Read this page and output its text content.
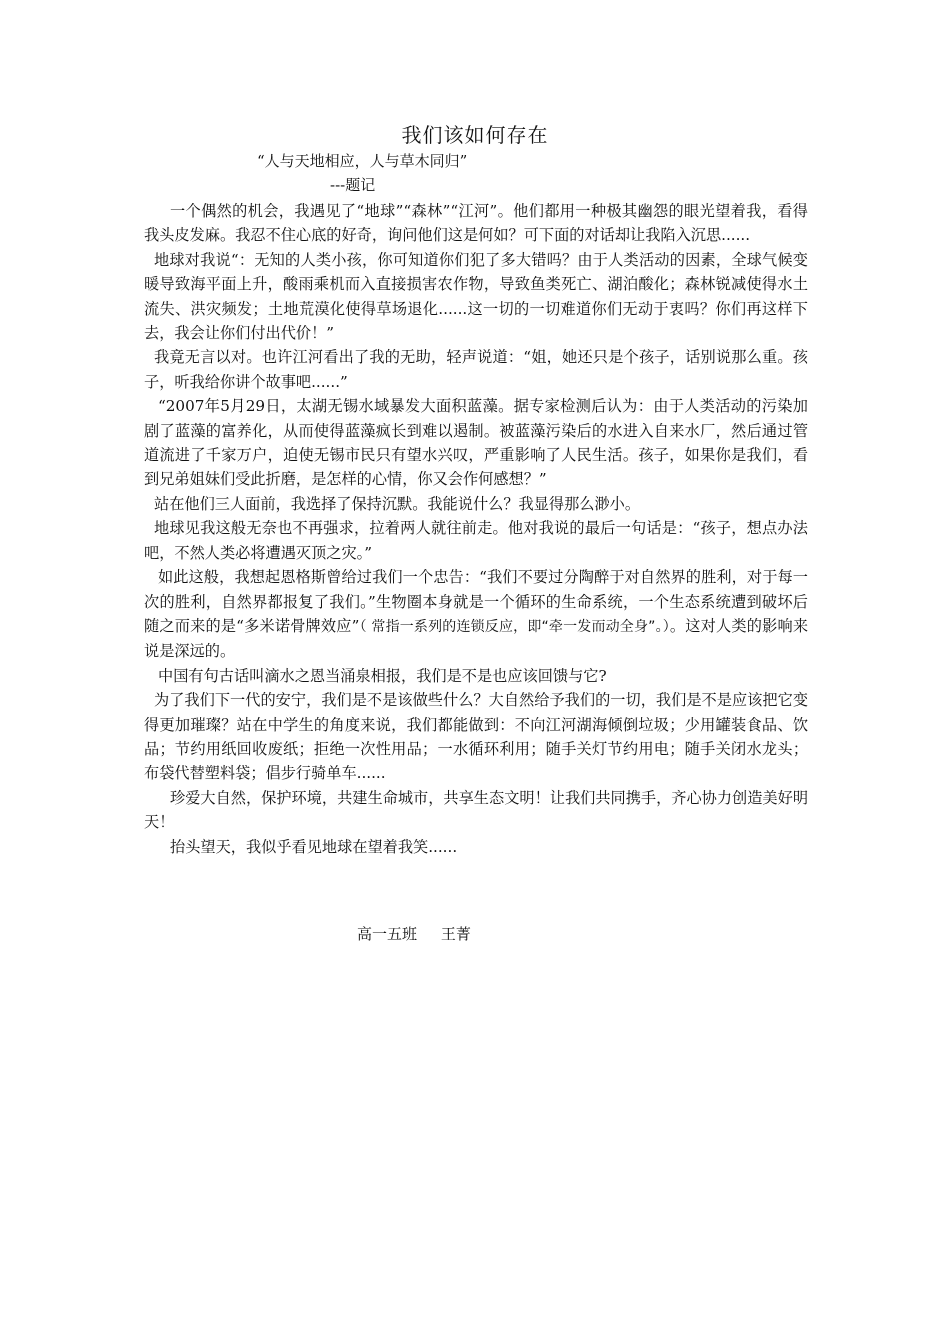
我们该如何存在
“人与天地相应，人与草木同归”
---题记

一个偶然的机会，我遇见了“地球”“森林”“江河”。他们都用一种极其幽怨的眼光望着我，看得我头皮发麻。我忍不住心底的好奇，询问他们这是何如？可下面的对话却让我陷入沉思......

地球对我说“：无知的人类小孩，你可知道你们犯了多大错吗？由于人类活动的因素，全球气候变暖导致海平面上升，酸雨乘机而入直接损害农作物，导致鱼类死亡、湖泊酸化；森林锐减使得水土流失、洪灾频发；土地荒漠化使得草场退化......这一切的一切难道你们无动于衷吗？你们再这样下去，我会让你们付出代价！”

我竟无言以对。也许江河看出了我的无助，轻声说道：“姐，她还只是个孩子，话别说那么重。孩子，听我给你讲个故事吧......”

“2007年5月29日，太湖无锡水域暴发大面积蓝藻。据专家检测后认为：由于人类活动的污染加剧了蓝藻的富养化，从而使得蓝藻疯长到难以遏制。被蓝藻污染后的水进入自来水厂，然后通过管道流进了千家万户，迫使无锡市民只有望水兴叹，严重影响了人民生活。孩子，如果你是我们，看到兄弟姐妹们受此折磨，是怎样的心情，你又会作何感想？”

站在他们三人面前，我选择了保持沉默。我能说什么？我显得那么渺小。

地球见我这般无奈也不再强求，拉着两人就往前走。他对我说的最后一句话是：“孩子，想点办法吧，不然人类必将遭遇灭顶之灾。”

如此这般，我想起恩格斯曾给过我们一个忠告：“我们不要过分陶醉于对自然界的胜利，对于每一次的胜利，自然界都报复了我们。”生物圈本身就是一个循环的生命系统，一个生态系统遭到破坏后随之而来的是“多米诺骨牌效应”（ 常指一系列的连锁反应，即“牵一发而动全身”。）。这对人类的影响来说是深远的。

中国有句古话叫滴水之恩当涌泉相报，我们是不是也应该回馈与它?

为了我们下一代的安宁，我们是不是该做些什么？大自然给予我们的一切，我们是不是应该把它变得更加璀璨？站在中学生的角度来说，我们都能做到：不向江河湖海倾倒垃圾；少用罐装食品、饮品；节约用纸回收废纸；拒绝一次性用品；一水循环利用；随手关灯节约用电；随手关闭水龙头；布袋代替塑料袋；倡步行骑单车......

珍爱大自然，保护环境，共建生命城市，共享生态文明！让我们共同携手，齐心协力创造美好明天！

抬头望天，我似乎看见地球在望着我笑......

高一五班     王菁
